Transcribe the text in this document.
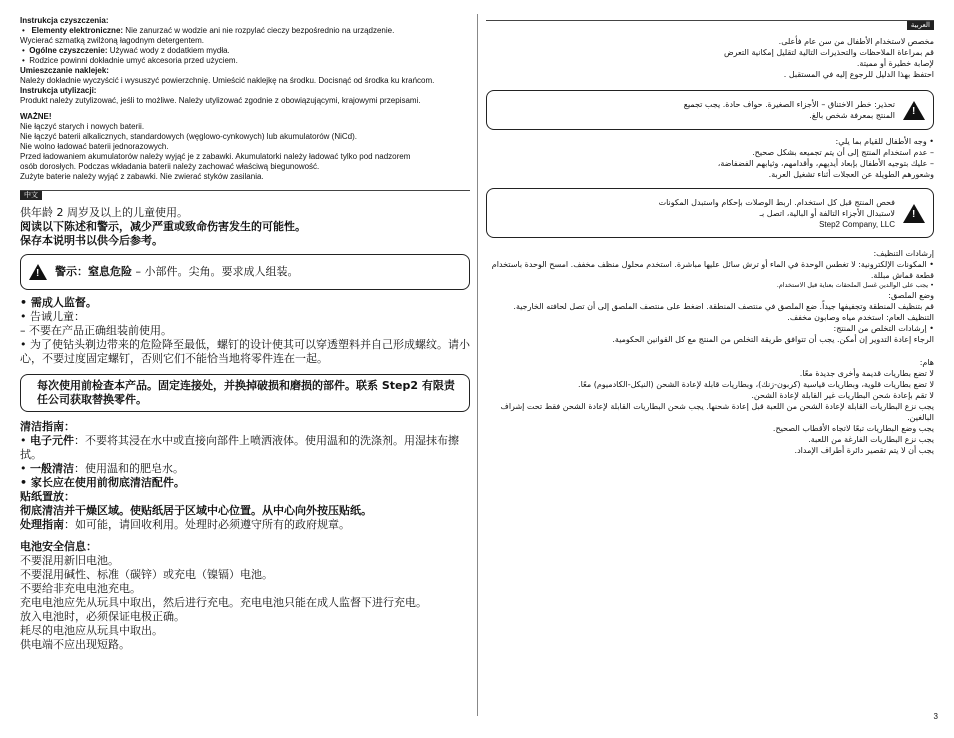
Instrukcja czyszczenia:

•   Elementy elektroniczne: Nie zanurzać w wodzie ani nie rozpylać cieczy bezpośrednio na urządzenie.

Wycierać szmatką zwilżoną łagodnym detergentem.

•  Ogólne czyszczenie: Używać wody z dodatkiem mydła.

•  Rodzice powinni dokładnie umyć akcesoria przed użyciem.

Umieszczanie naklejek:

Należy dokładnie wyczyścić i wysuszyć powierzchnię. Umieścić naklejkę na środku. Docisnąć od środka ku krańcom.

Instrukcja utylizacji:

Produkt należy zutylizować, jeśli to możliwe. Należy utylizować zgodnie z obowiązującymi, krajowymi przepisami.

WAŻNE!

Nie łączyć starych i nowych baterii.

Nie łączyć baterii alkalicznych, standardowych (węglowo-cynkowych) lub akumulatorów (NiCd).

Nie wolno ładować baterii jednorazowych.

Przed ładowaniem akumulatorów należy wyjąć je z zabawki. Akumulatorki należy ładować tylko pod nadzorem

osób dorosłych. Podczas wkładania baterii należy zachować właściwą biegunowość.

Zużyte baterie należy wyjąć z zabawki. Nie zwierać styków zasilania.

中文

供年龄 2 周岁及以上的儿童使用。

阅读以下陈述和警示，减少严重或致命伤害发生的可能性。

保存本说明书以供今后参考。

! 警示：窒息危险 – 小部件。尖角。要求成人组装。

• 需成人监督。

• 告诫儿童：

– 不要在产品正确组装前使用。

• 为了使钻头剃边带来的危险降至最低，螺钉的设计使其可以穿透塑料并自己形成螺纹。请小心，不要过度固定螺钉，否则它们不能恰当地将零件连在一起。

每次使用前检查本产品。固定连接处，并换掉破损和磨损的部件。联系 Step2 有限责任公司获取替换零件。

清洁指南：

• 电子元件：不要将其浸在水中或直接向部件上喷洒液体。使用温和的洗涤剂。用湿抹布擦拭。

• 一般清洁：使用温和的肥皂水。

• 家长应在使用前彻底清洁配件。

贴纸置放：

彻底清洁并干燥区域。使贴纸居于区域中心位置。从中心向外按压贴纸。

处理指南：如可能，请回收利用。处理时必须遵守所有的政府规章。

电池安全信息：

不要混用新旧电池。

不要混用碱性、标准（碳锌）或充电（镍镉）电池。

不要给非充电电池充电。

充电电池应先从玩具中取出，然后进行充电。充电电池只能在成人监督下进行充电。

放入电池时，必须保证电极正确。

耗尽的电池应从玩具中取出。

供电端不应出现短路。

العربية

مخصص لاستخدام الأطفال من سن عام فأعلى.

قم بمراعاة الملاحظات والتحذيرات التالية لتقليل إمكانية التعرض

لإصابة خطيرة أو مميتة.

احتفظ بهذا الدليل للرجوع إليه في المستقبل .

!
تحذير: خطر الاختناق – الأجزاء الصغيرة. حواف حادة. يجب تجميع المنتج بمعرفة شخص بالغ.

• وجه الأطفال للقيام بما يلي:

– عدم استخدام المنتج إلى أن يتم تجميعه بشكل صحيح.

– عليك بتوجيه الأطفال بإبعاد أيديهم، وأقدامهم، وثيابهم الفضفاضة،

وشعورهم الطويلة عن العجلات أثناء تشغيل العربة.

!
فحص المنتج قبل كل استخدام. اربط الوصلات بإحكام واستبدل المكونات لاستبدال الأجزاء التالفة أو البالية، اتصل بـ
Step2 Company, LLC

إرشادات التنظيف:

• المكونات الإلكترونية: لا تغطس الوحدة في الماء أو ترش سائل عليها مباشرة. استخدم محلول منظف مخفف. امسح الوحدة باستخدام قطعة قماش مبللة.

• يجب على الوالدين غسل الملحقات بعناية قبل الاستخدام.

وضع الملصق:

قم بتنظيف المنطقة وتجفيفها جيداً. ضع الملصق في منتصف المنطقة. اضغط على منتصف الملصق إلى أن تصل لحافته الخارجية.

التنظيف العام: استخدم مياه وصابون مخفف.

• إرشادات التخلص من المنتج:

الرجاء إعادة التدوير إن أمكن. يجب أن تتوافق طريقة التخلص من المنتج مع كل القوانين الحكومية.

هام:

لا تضع بطاريات قديمة وأخرى جديدة معًا.

لا تضع بطاريات قلوية، وبطاريات قياسية (كربون-زنك)، وبطاريات قابلة لإعادة الشحن (النيكل-الكادميوم) معًا.

لا تقم بإعادة شحن البطاريات غير القابلة لإعادة الشحن.

يجب نزع البطاريات القابلة لإعادة الشحن من اللعبة قبل إعادة شحنها. يجب شحن البطاريات القابلة لإعادة الشحن فقط تحت إشراف البالغين.

يجب وضع البطاريات تبعًا لاتجاه الأقطاب الصحيح.

يجب نزع البطاريات الفارغة من اللعبة.

يجب أن لا يتم تقصير دائرة أطراف الإمداد.

3
